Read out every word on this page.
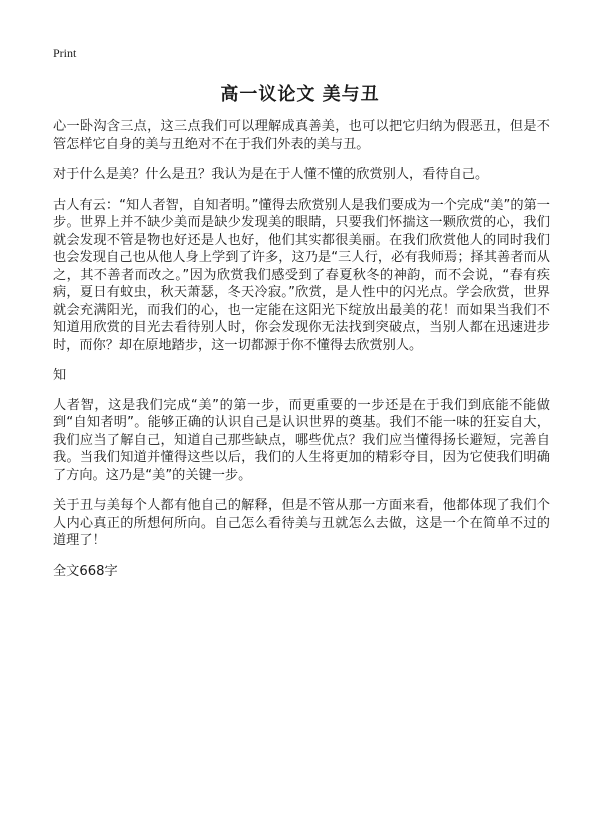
Print
高一议论文 美与丑

心一卧沟含三点，这三点我们可以理解成真善美，也可以把它归纳为假恶丑，但是不管怎样它自身的美与丑绝对不在于我们外表的美与丑。

对于什么是美？什么是丑？我认为是在于人懂不懂的欣赏别人，看待自己。

古人有云：“知人者智，自知者明。”懂得去欣赏别人是我们要成为一个完成“美”的第一步。世界上并不缺少美而是缺少发现美的眼睛，只要我们怀揣这一颗欣赏的心，我们就会发现不管是物也好还是人也好，他们其实都很美丽。在我们欣赏他人的同时我们也会发现自己也从他人身上学到了许多，这乃是“三人行，必有我师焉；择其善者而从之，其不善者而改之。”因为欣赏我们感受到了春夏秋冬的神韵，而不会说，“春有疾病，夏日有蚊虫，秋天萧瑟，冬天冷寂。”欣赏，是人性中的闪光点。学会欣赏，世界就会充满阳光，而我们的心，也一定能在这阳光下绽放出最美的花！而如果当我们不知道用欣赏的目光去看待别人时，你会发现你无法找到突破点，当别人都在迅速进步时，而你？却在原地踏步，这一切都源于你不懂得去欣赏别人。

知

人者智，这是我们完成“美”的第一步，而更重要的一步还是在于我们到底能不能做到“自知者明”。能够正确的认识自己是认识世界的奠基。我们不能一味的狂妄自大，我们应当了解自己，知道自己那些缺点，哪些优点？我们应当懂得扬长避短，完善自我。当我们知道并懂得这些以后，我们的人生将更加的精彩夺目，因为它使我们明确了方向。这乃是“美”的关键一步。

关于丑与美每个人都有他自己的解释，但是不管从那一方面来看，他都体现了我们个人内心真正的所想何所向。自己怎么看待美与丑就怎么去做，这是一个在简单不过的道理了！

全文668字
